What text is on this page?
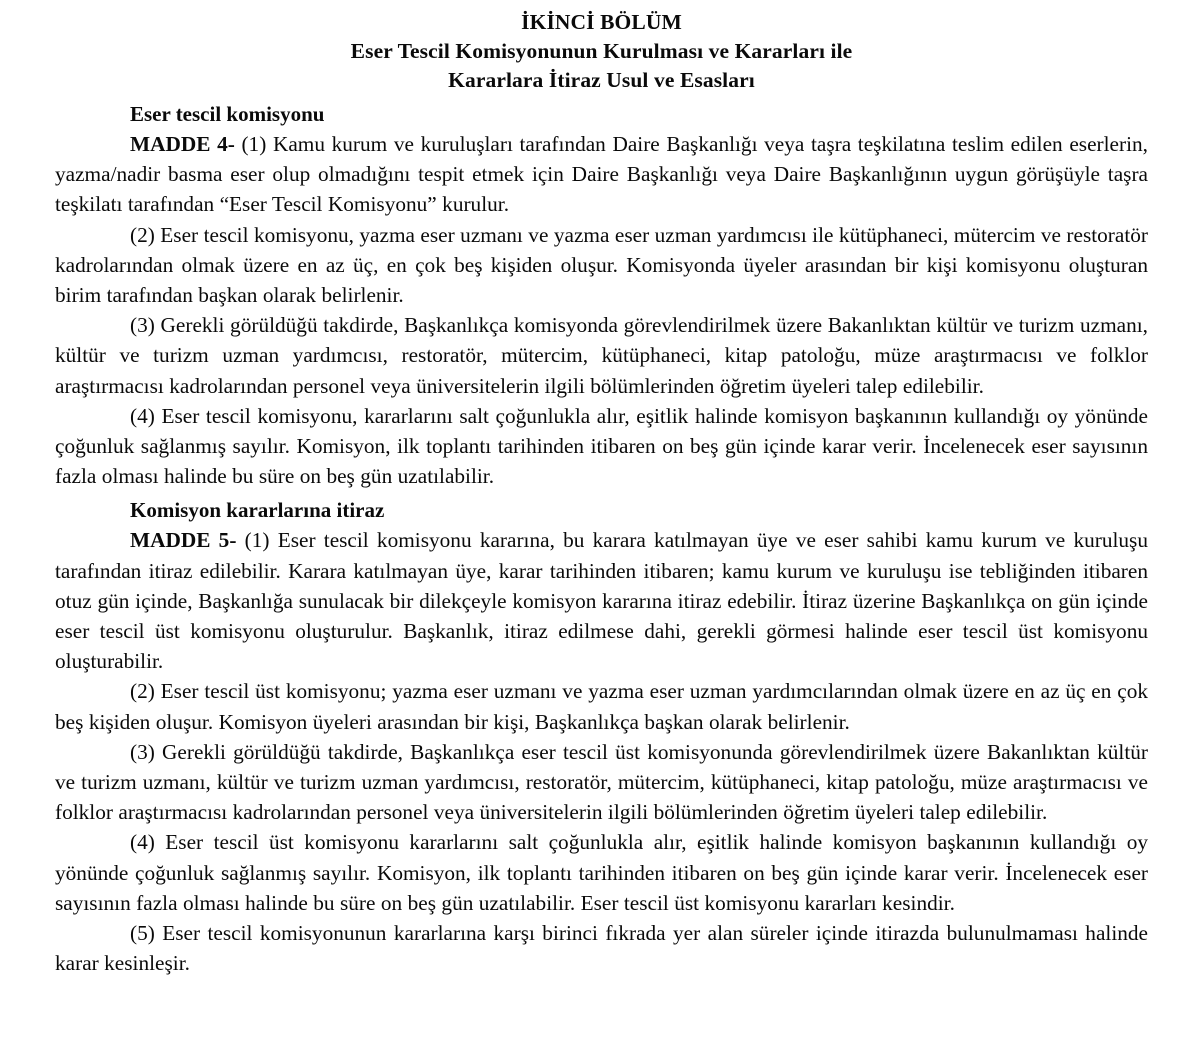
İKİNCİ BÖLÜM
Eser Tescil Komisyonunun Kurulması ve Kararları ile
Kararlara İtiraz Usul ve Esasları
Eser tescil komisyonu

MADDE 4- (1) Kamu kurum ve kuruluşları tarafından Daire Başkanlığı veya taşra teşkilatına teslim edilen eserlerin, yazma/nadir basma eser olup olmadığını tespit etmek için Daire Başkanlığı veya Daire Başkanlığının uygun görüşüyle taşra teşkilatı tarafından “Eser Tescil Komisyonu” kurulur.

(2) Eser tescil komisyonu, yazma eser uzmanı ve yazma eser uzman yardımcısı ile kütüphaneci, mütercim ve restoratör kadrolarından olmak üzere en az üç, en çok beş kişiden oluşur. Komisyonda üyeler arasından bir kişi komisyonu oluşturan birim tarafından başkan olarak belirlenir.

(3) Gerekli görüldüğü takdirde, Başkanlıkça komisyonda görevlendirilmek üzere Bakanlıktan kültür ve turizm uzmanı, kültür ve turizm uzman yardımcısı, restoratör, mütercim, kütüphaneci, kitap patoloğu, müze araştırmacısı ve folklor araştırmacısı kadrolarından personel veya üniversitelerin ilgili bölümlerinden öğretim üyeleri talep edilebilir.

(4) Eser tescil komisyonu, kararlarını salt çoğunlukla alır, eşitlik halinde komisyon başkanının kullandığı oy yönünde çoğunluk sağlanmış sayılır. Komisyon, ilk toplantı tarihinden itibaren on beş gün içinde karar verir. İncelenecek eser sayısının fazla olması halinde bu süre on beş gün uzatılabilir.

Komisyon kararlarına itiraz

MADDE 5- (1) Eser tescil komisyonu kararına, bu karara katılmayan üye ve eser sahibi kamu kurum ve kuruluşu tarafından itiraz edilebilir. Karara katılmayan üye, karar tarihinden itibaren; kamu kurum ve kuruluşu ise tebliğinden itibaren otuz gün içinde, Başkanlığa sunulacak bir dilekçeyle komisyon kararına itiraz edebilir. İtiraz üzerine Başkanlıkça on gün içinde eser tescil üst komisyonu oluşturulur. Başkanlık, itiraz edilmese dahi, gerekli görmesi halinde eser tescil üst komisyonu oluşturabilir.

(2) Eser tescil üst komisyonu; yazma eser uzmanı ve yazma eser uzman yardımcılarından olmak üzere en az üç en çok beş kişiden oluşur. Komisyon üyeleri arasından bir kişi, Başkanlıkça başkan olarak belirlenir.

(3) Gerekli görüldüğü takdirde, Başkanlıkça eser tescil üst komisyonunda görevlendirilmek üzere Bakanlıktan kültür ve turizm uzmanı, kültür ve turizm uzman yardımcısı, restoratör, mütercim, kütüphaneci, kitap patoloğu, müze araştırmacısı ve folklor araştırmacısı kadrolarından personel veya üniversitelerin ilgili bölümlerinden öğretim üyeleri talep edilebilir.

(4) Eser tescil üst komisyonu kararlarını salt çoğunlukla alır, eşitlik halinde komisyon başkanının kullandığı oy yönünde çoğunluk sağlanmış sayılır. Komisyon, ilk toplantı tarihinden itibaren on beş gün içinde karar verir. İncelenecek eser sayısının fazla olması halinde bu süre on beş gün uzatılabilir. Eser tescil üst komisyonu kararları kesindir.

(5) Eser tescil komisyonunun kararlarına karşı birinci fıkrada yer alan süreler içinde itirazda bulunulmaması halinde karar kesinleşir.
